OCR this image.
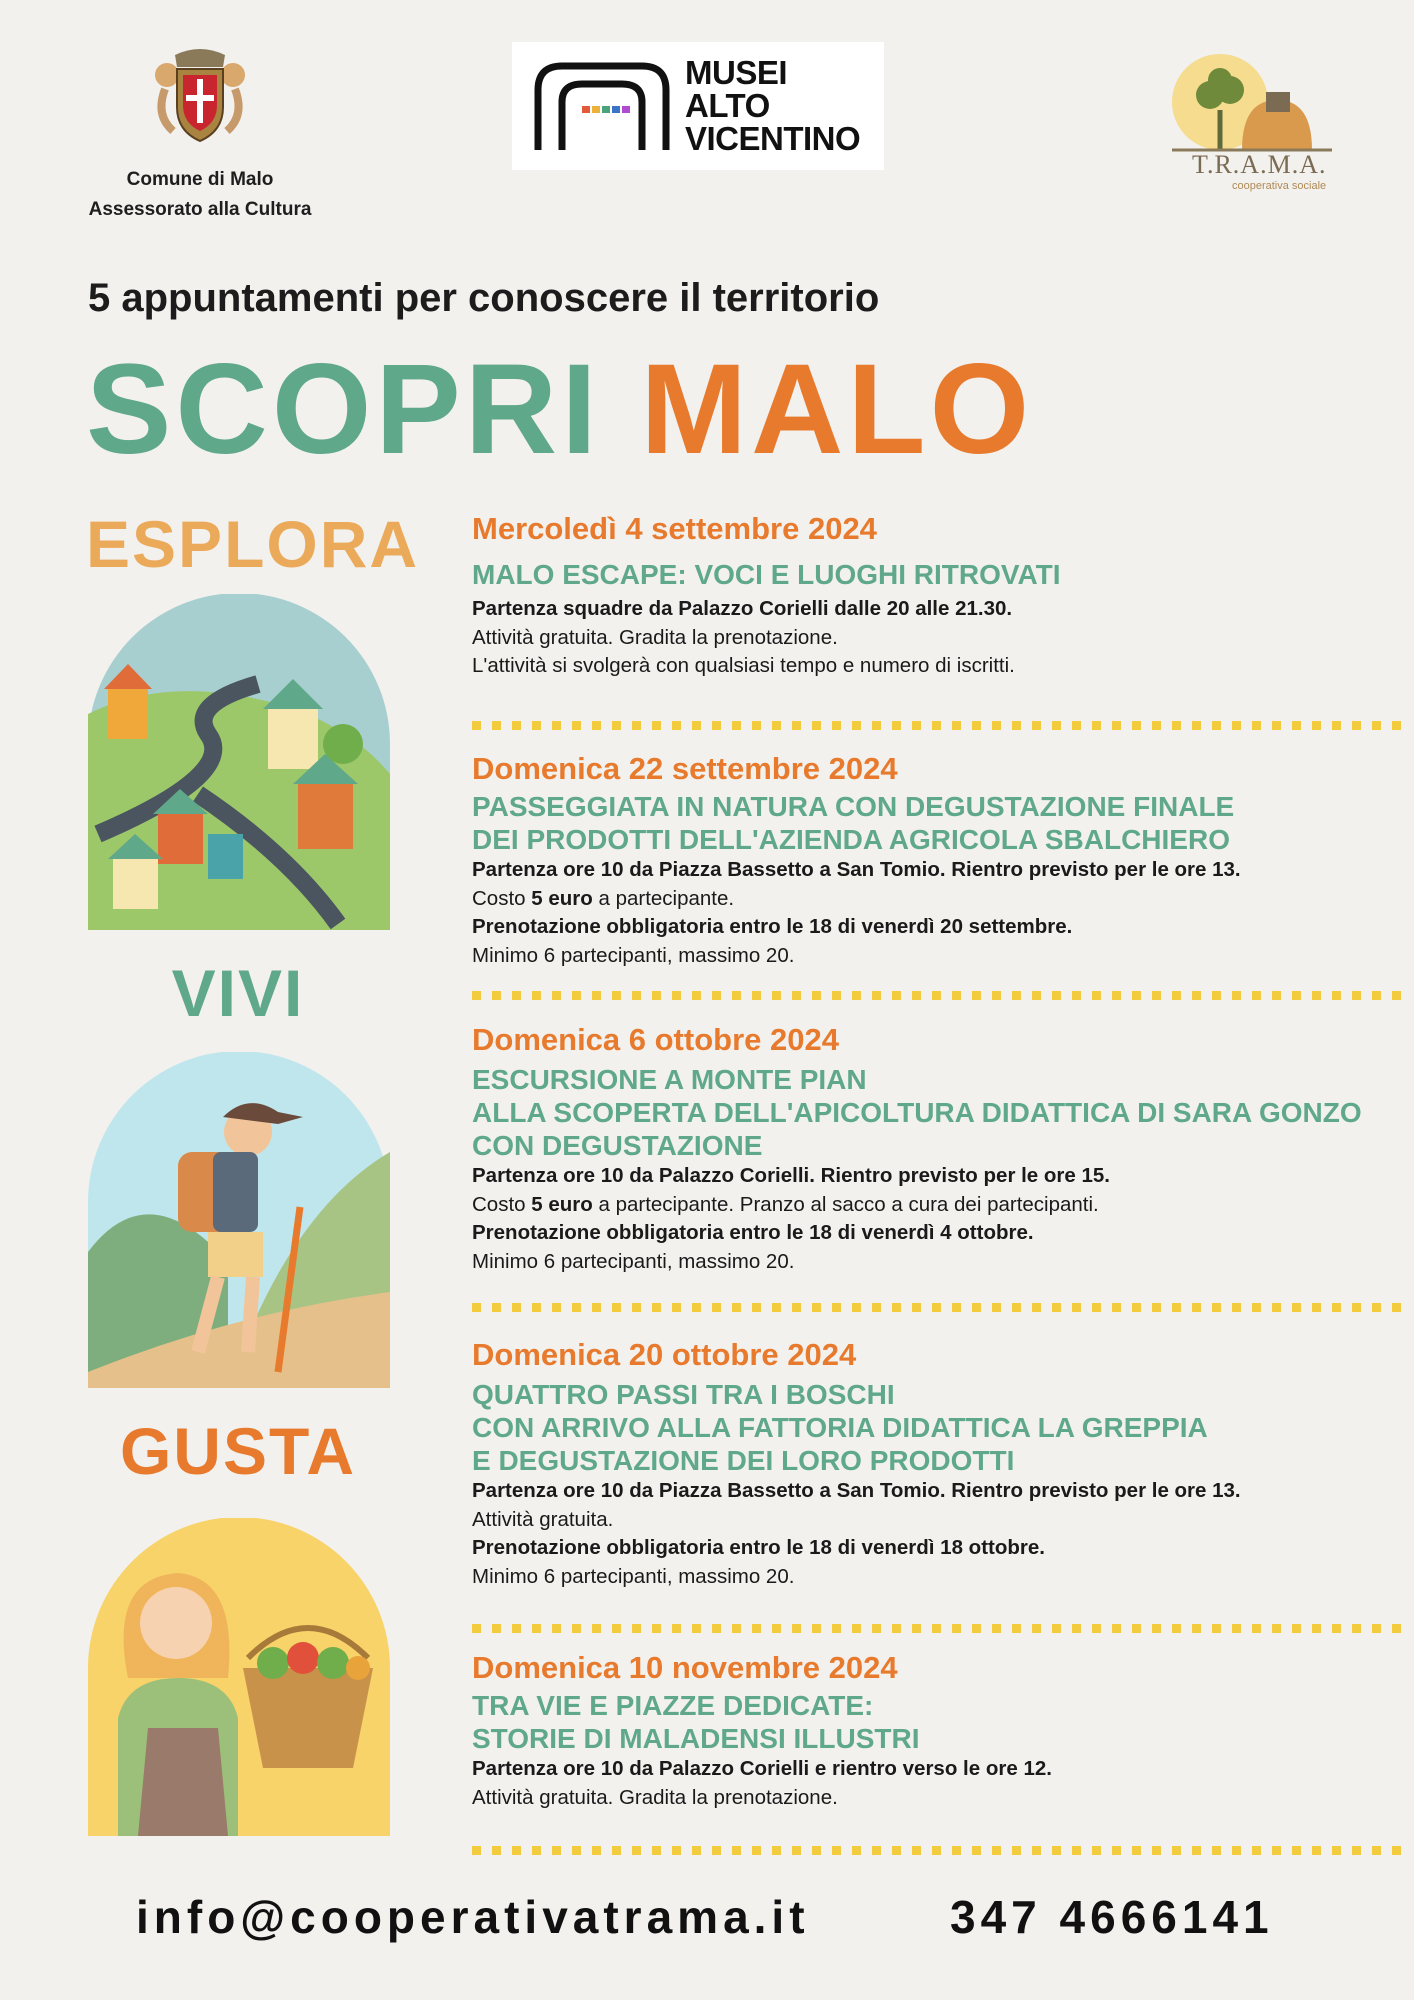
Comune di Malo
Assessorato alla Cultura
MUSEI
ALTO
VICENTINO
T.R.A.M.A.
cooperativa sociale
5 appuntamenti per conoscere il territorio
SCOPRI MALO
ESPLORA
VIVI
GUSTA
Mercoledì 4 settembre 2024
MALO ESCAPE: VOCI E LUOGHI RITROVATI
Partenza squadre da Palazzo Corielli dalle 20 alle 21.30.
Attività gratuita. Gradita la prenotazione.
L'attività si svolgerà con qualsiasi tempo e numero di iscritti.
Domenica 22 settembre 2024
PASSEGGIATA IN NATURA CON DEGUSTAZIONE FINALE
DEI PRODOTTI DELL'AZIENDA AGRICOLA SBALCHIERO
Partenza ore 10 da Piazza Bassetto a San Tomio. Rientro previsto per le ore 13.
Costo 5 euro a partecipante.
Prenotazione obbligatoria entro le 18 di venerdì 20 settembre.
Minimo 6 partecipanti, massimo 20.
Domenica 6 ottobre 2024
ESCURSIONE A MONTE PIAN
ALLA SCOPERTA DELL'APICOLTURA DIDATTICA DI SARA GONZO
CON DEGUSTAZIONE
Partenza ore 10 da Palazzo Corielli. Rientro previsto per le ore 15.
Costo 5 euro a partecipante. Pranzo al sacco a cura dei partecipanti.
Prenotazione obbligatoria entro le 18 di venerdì 4 ottobre.
Minimo 6 partecipanti, massimo 20.
Domenica 20 ottobre 2024
QUATTRO PASSI TRA I BOSCHI
CON ARRIVO ALLA FATTORIA DIDATTICA LA GREPPIA
E DEGUSTAZIONE DEI LORO PRODOTTI
Partenza ore 10 da Piazza Bassetto a San Tomio. Rientro previsto per le ore 13.
Attività gratuita.
Prenotazione obbligatoria entro le 18 di venerdì 18 ottobre.
Minimo 6 partecipanti, massimo 20.
Domenica 10 novembre 2024
TRA VIE E PIAZZE DEDICATE:
STORIE DI MALADENSI ILLUSTRI
Partenza ore 10 da Palazzo Corielli e rientro verso le ore 12.
Attività gratuita. Gradita la prenotazione.
info@cooperativatrama.it	347 4666141
